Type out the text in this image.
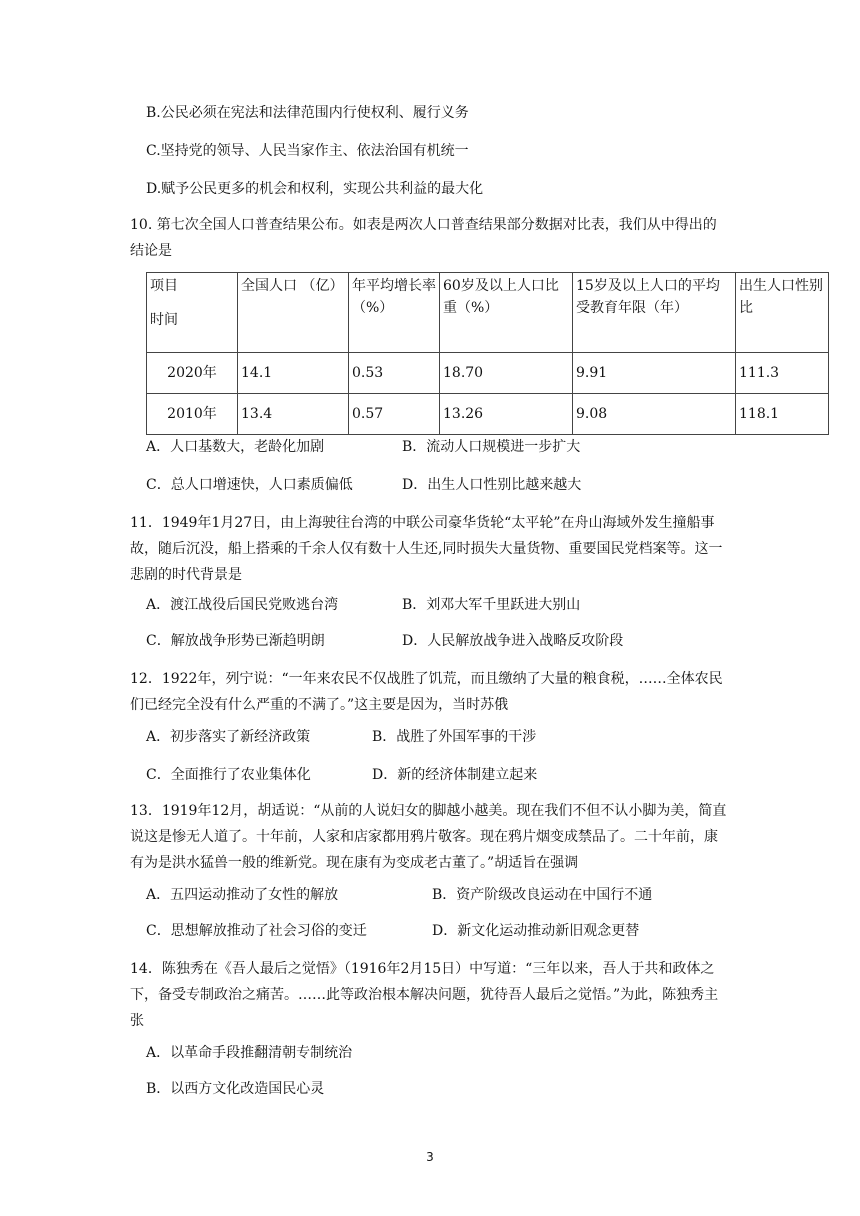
B.公民必须在宪法和法律范围内行使权利、履行义务
C.坚持党的领导、人民当家作主、依法治国有机统一
D.赋予公民更多的机会和权利，实现公共利益的最大化
10. 第七次全国人口普查结果公布。如表是两次人口普查结果部分数据对比表，我们从中得出的结论是
项目
时间	全国人口 （亿）	年平均增长率（%）	60岁及以上人口比重（%）	15岁及以上人口的平均受教育年限（年）	出生人口性别比
2020年	14.1	0.53	18.70	9.91	111.3
2010年	13.4	0.57	13.26	9.08	118.1
A．人口基数大，老龄化加剧	B．流动人口规模进一步扩大
C．总人口增速快，人口素质偏低	D．出生人口性别比越来越大
11．1949年1月27日，由上海驶往台湾的中联公司豪华货轮“太平轮”在舟山海域外发生撞船事故，随后沉没，船上搭乘的千余人仅有数十人生还,同时损失大量货物、重要国民党档案等。这一悲剧的时代背景是
A．渡江战役后国民党败逃台湾	B．刘邓大军千里跃进大别山
C．解放战争形势已渐趋明朗	D．人民解放战争进入战略反攻阶段
12．1922年，列宁说：“一年来农民不仅战胜了饥荒，而且缴纳了大量的粮食税，……全体农民们已经完全没有什么严重的不满了。”这主要是因为，当时苏俄
A．初步落实了新经济政策	B．战胜了外国军事的干涉
C．全面推行了农业集体化	D．新的经济体制建立起来
13．1919年12月，胡适说：“从前的人说妇女的脚越小越美。现在我们不但不认小脚为美，简直说这是惨无人道了。十年前，人家和店家都用鸦片敬客。现在鸦片烟变成禁品了。二十年前，康有为是洪水猛兽一般的维新党。现在康有为变成老古董了。”胡适旨在强调
A．五四运动推动了女性的解放	B．资产阶级改良运动在中国行不通
C．思想解放推动了社会习俗的变迁	D．新文化运动推动新旧观念更替
14．陈独秀在《吾人最后之觉悟》（1916年2月15日）中写道：“三年以来，吾人于共和政体之下，备受专制政治之痛苦。……此等政治根本解决问题，犹待吾人最后之觉悟。”为此，陈独秀主张
A．以革命手段推翻清朝专制统治
B．以西方文化改造国民心灵
3
